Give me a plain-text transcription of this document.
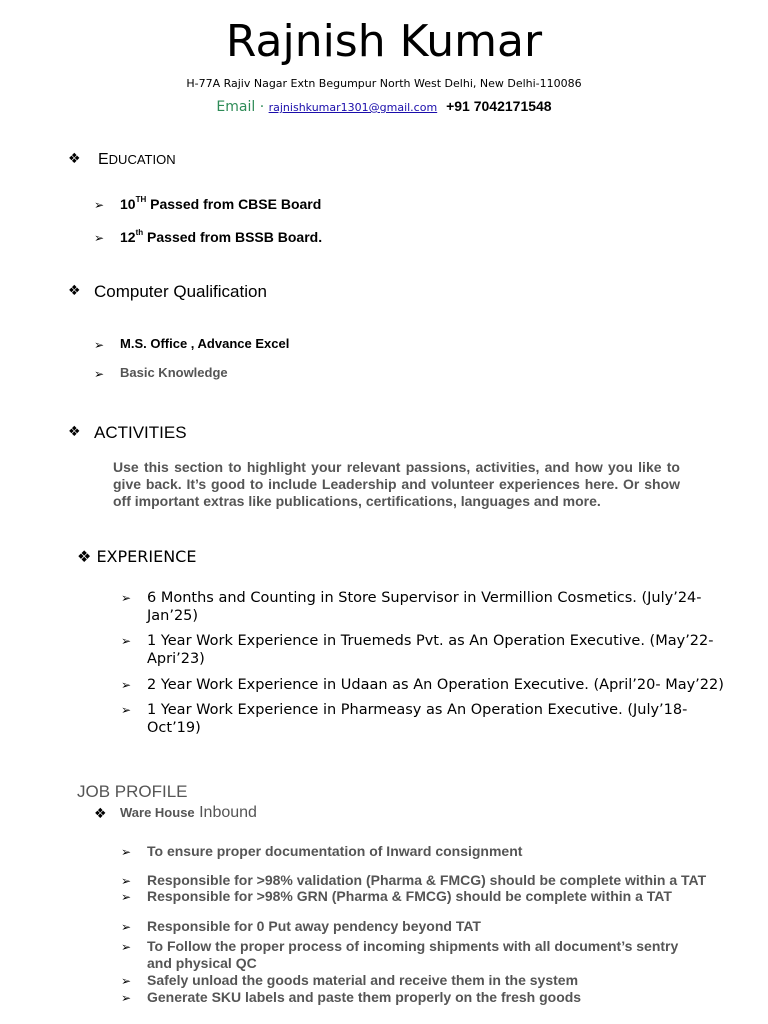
Rajnish Kumar
H-77A Rajiv Nagar Extn Begumpur North West Delhi, New Delhi-110086
Email · rajnishkumar1301@gmail.com +91 7042171548
❖ EDUCATION
➢ 10TH Passed from CBSE Board
➢ 12th Passed from BSSB Board.
❖ Computer Qualification
➢ M.S. Office , Advance Excel
➢ Basic Knowledge
❖ ACTIVITIES
Use this section to highlight your relevant passions, activities, and how you like to give back. It’s good to include Leadership and volunteer experiences here. Or show off important extras like publications, certifications, languages and more.
❖ EXPERIENCE
➢ 6 Months and Counting in Store Supervisor in Vermillion Cosmetics. (July’24-Jan’25)
➢ 1 Year Work Experience in Truemeds Pvt. as An Operation Executive. (May’22-Apri’23)
➢ 2 Year Work Experience in Udaan as An Operation Executive. (April’20- May’22)
➢ 1 Year Work Experience in Pharmeasy as An Operation Executive. (July’18-Oct’19)
JOB PROFILE
❖ Ware House Inbound
➢ To ensure proper documentation of Inward consignment
➢ Responsible for >98% validation (Pharma & FMCG) should be complete within a TAT
➢ Responsible for >98% GRN (Pharma & FMCG) should be complete within a TAT
➢ Responsible for 0 Put away pendency beyond TAT
➢ To Follow the proper process of incoming shipments with all document’s sentry and physical QC
➢ Safely unload the goods material and receive them in the system
➢ Generate SKU labels and paste them properly on the fresh goods
